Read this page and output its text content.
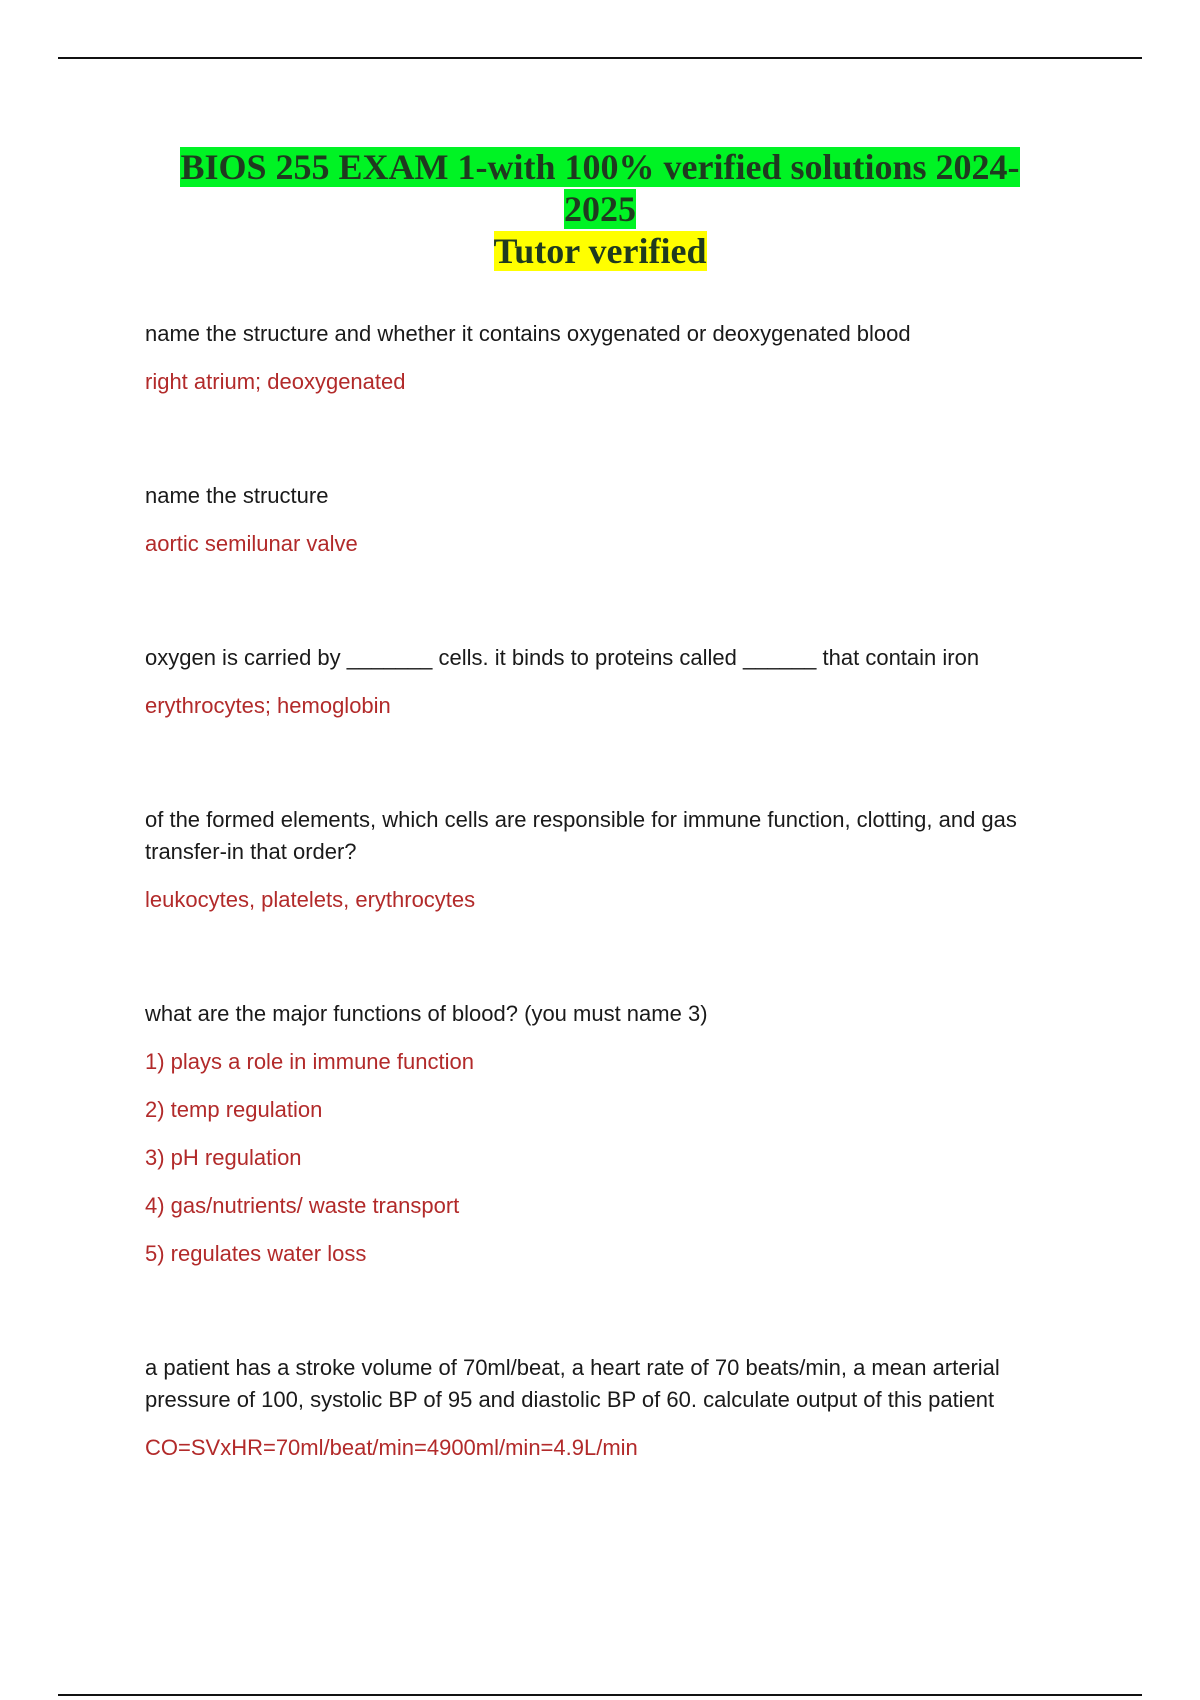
BIOS 255 EXAM 1-with 100% verified solutions 2024-2025
Tutor verified

name the structure and whether it contains oxygenated or deoxygenated blood

right atrium; deoxygenated

name the structure

aortic semilunar valve

oxygen is carried by _______ cells. it binds to proteins called ______ that contain iron

erythrocytes; hemoglobin

of the formed elements, which cells are responsible for immune function, clotting, and gas transfer-in that order?

leukocytes, platelets, erythrocytes

what are the major functions of blood? (you must name 3)

1) plays a role in immune function

2) temp regulation

3) pH regulation

4) gas/nutrients/ waste transport

5) regulates water loss

a patient has a stroke volume of 70ml/beat, a heart rate of 70 beats/min, a mean arterial pressure of 100, systolic BP of 95 and diastolic BP of 60. calculate output of this patient

CO=SVxHR=70ml/beat/min=4900ml/min=4.9L/min
